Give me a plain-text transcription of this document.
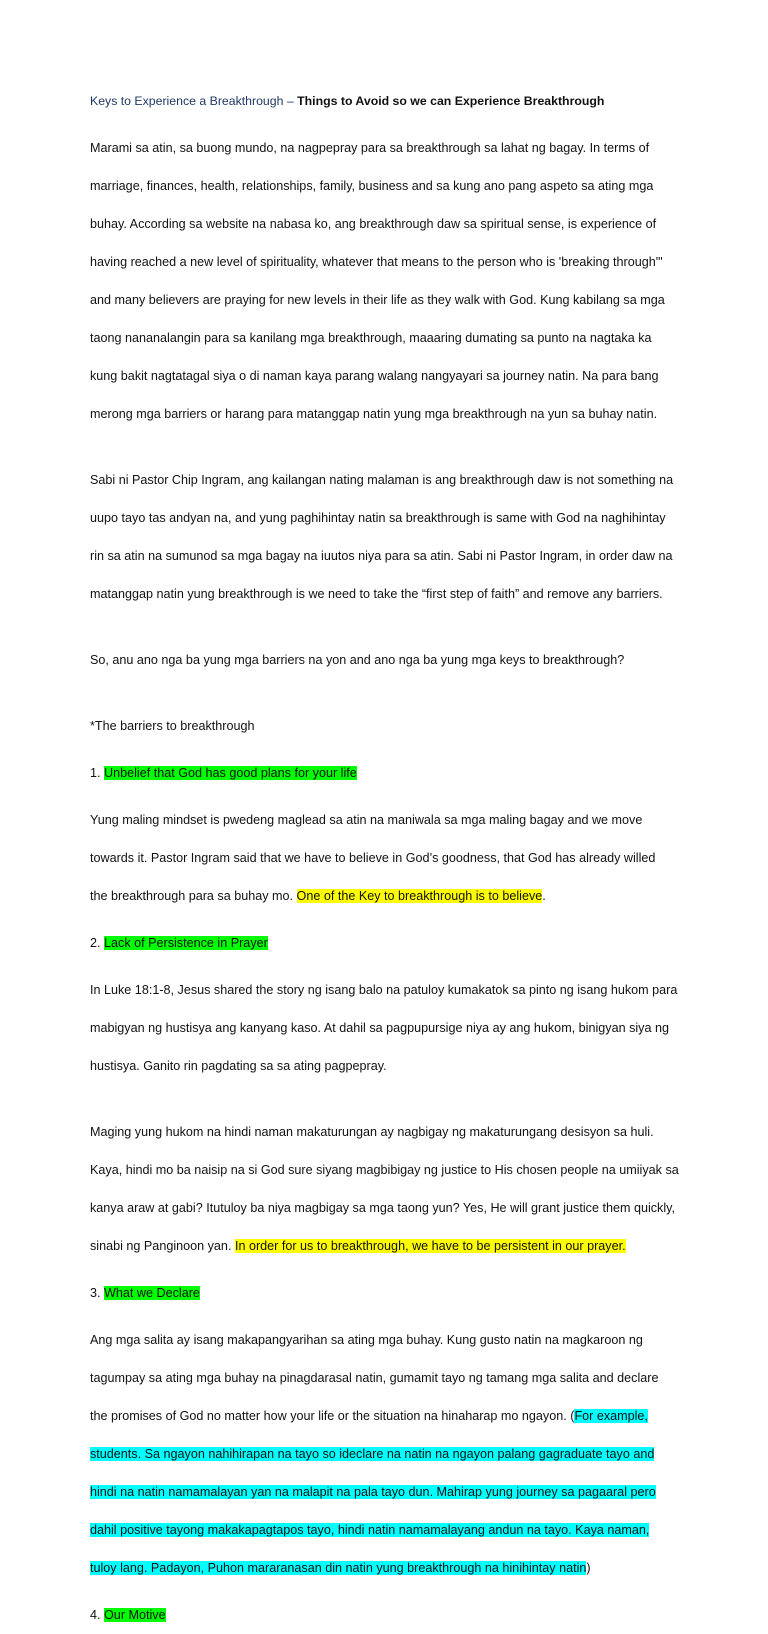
Keys to Experience a Breakthrough – Things to Avoid so we can Experience Breakthrough

Marami sa atin, sa buong mundo, na nagpepray para sa breakthrough sa lahat ng bagay. In terms of

marriage, finances, health, relationships, family, business and sa kung ano pang aspeto sa ating mga

buhay. According sa website na nabasa ko, ang breakthrough daw sa spiritual sense, is experience of

having reached a new level of spirituality, whatever that means to the person who is 'breaking through'"

and many believers are praying for new levels in their life as they walk with God. Kung kabilang sa mga

taong nananalangin para sa kanilang mga breakthrough, maaaring dumating sa punto na nagtaka ka

kung bakit nagtatagal siya o di naman kaya parang walang nangyayari sa journey natin. Na para bang

merong mga barriers or harang para matanggap natin yung mga breakthrough na yun sa buhay natin.

Sabi ni Pastor Chip Ingram, ang kailangan nating malaman is ang breakthrough daw is not something na

uupo tayo tas andyan na, and yung paghihintay natin sa breakthrough is same with God na naghihintay

rin sa atin na sumunod sa mga bagay na iuutos niya para sa atin. Sabi ni Pastor Ingram, in order daw na

matanggap natin yung breakthrough is we need to take the “first step of faith” and remove any barriers.

So, anu ano nga ba yung mga barriers na yon and ano nga ba yung mga keys to breakthrough?

*The barriers to breakthrough

1. Unbelief that God has good plans for your life

Yung maling mindset is pwedeng maglead sa atin na maniwala sa mga maling bagay and we move

towards it. Pastor Ingram said that we have to believe in God’s goodness, that God has already willed

the breakthrough para sa buhay mo. One of the Key to breakthrough is to believe.

2. Lack of Persistence in Prayer

In Luke 18:1-8, Jesus shared the story ng isang balo na patuloy kumakatok sa pinto ng isang hukom para

mabigyan ng hustisya ang kanyang kaso. At dahil sa pagpupursige niya ay ang hukom, binigyan siya ng

hustisya. Ganito rin pagdating sa sa ating pagpepray.

Maging yung hukom na hindi naman makaturungan ay nagbigay ng makaturungang desisyon sa huli.

Kaya, hindi mo ba naisip na si God sure siyang magbibigay ng justice to His chosen people na umiiyak sa

kanya araw at gabi? Itutuloy ba niya magbigay sa mga taong yun? Yes, He will grant justice them quickly,

sinabi ng Panginoon yan. In order for us to breakthrough, we have to be persistent in our prayer.

3. What we Declare

Ang mga salita ay isang makapangyarihan sa ating mga buhay. Kung gusto natin na magkaroon ng

tagumpay sa ating mga buhay na pinagdarasal natin, gumamit tayo ng tamang mga salita and declare

the promises of God no matter how your life or the situation na hinaharap mo ngayon. (For example,

students. Sa ngayon nahihirapan na tayo so ideclare na natin na ngayon palang gagraduate tayo and

hindi na natin namamalayan yan na malapit na pala tayo dun. Mahirap yung journey sa pagaaral pero

dahil positive tayong makakapagtapos tayo, hindi natin namamalayang andun na tayo. Kaya naman,

tuloy lang. Padayon, Puhon mararanasan din natin yung breakthrough na hinihintay natin)

4. Our Motive
